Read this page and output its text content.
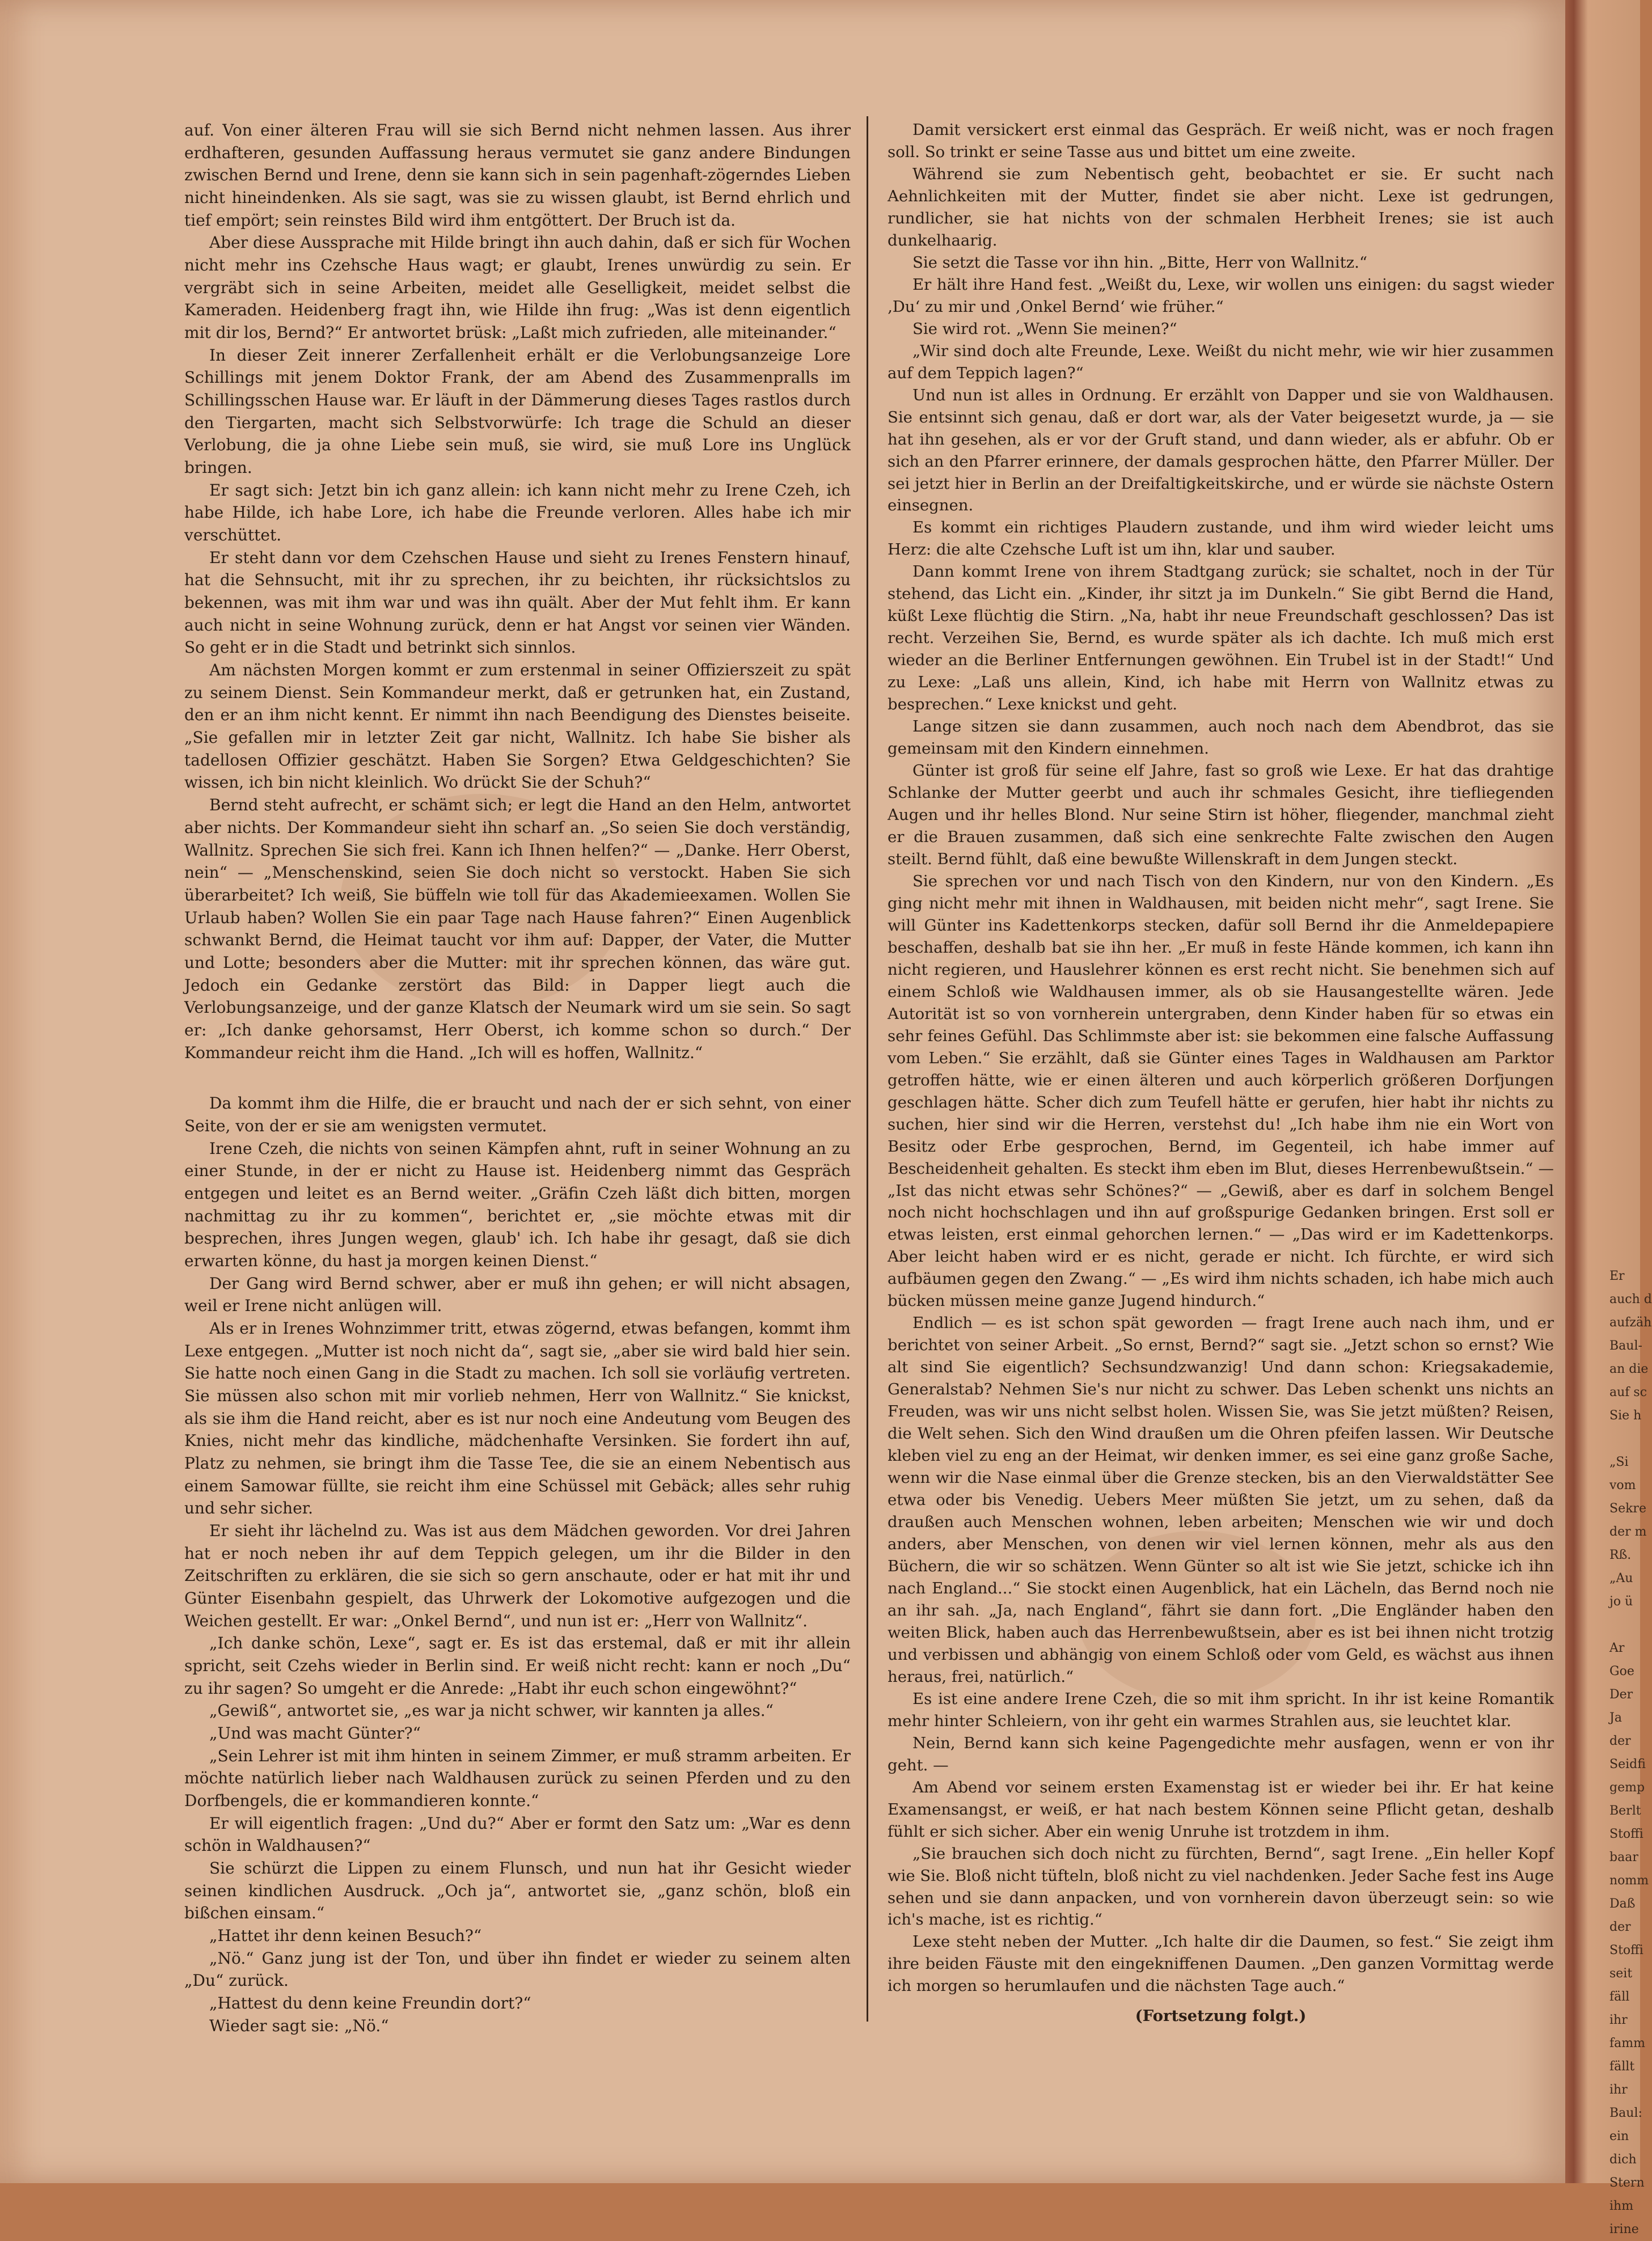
auf. Von einer älteren Frau will sie sich Bernd nicht nehmen lassen. Aus ihrer erdhafteren, gesunden Auffassung heraus vermutet sie ganz andere Bindungen zwischen Bernd und Irene, denn sie kann sich in sein pagenhaft-zögerndes Lieben nicht hineindenken. Als sie sagt, was sie zu wissen glaubt, ist Bernd ehrlich und tief empört; sein reinstes Bild wird ihm entgöttert. Der Bruch ist da.

Aber diese Aussprache mit Hilde bringt ihn auch dahin, daß er sich für Wochen nicht mehr ins Czehsche Haus wagt; er glaubt, Irenes unwürdig zu sein. Er vergräbt sich in seine Arbeiten, meidet alle Geselligkeit, meidet selbst die Kameraden. Heidenberg fragt ihn, wie Hilde ihn frug: „Was ist denn eigentlich mit dir los, Bernd?“ Er antwortet brüsk: „Laßt mich zufrieden, alle miteinander.“

In dieser Zeit innerer Zerfallenheit erhält er die Verlobungsanzeige Lore Schillings mit jenem Doktor Frank, der am Abend des Zusammenpralls im Schillingsschen Hause war. Er läuft in der Dämmerung dieses Tages rastlos durch den Tiergarten, macht sich Selbstvorwürfe: Ich trage die Schuld an dieser Verlobung, die ja ohne Liebe sein muß, sie wird, sie muß Lore ins Unglück bringen.

Er sagt sich: Jetzt bin ich ganz allein: ich kann nicht mehr zu Irene Czeh, ich habe Hilde, ich habe Lore, ich habe die Freunde verloren. Alles habe ich mir verschüttet.

Er steht dann vor dem Czehschen Hause und sieht zu Irenes Fenstern hinauf, hat die Sehnsucht, mit ihr zu sprechen, ihr zu beichten, ihr rücksichtslos zu bekennen, was mit ihm war und was ihn quält. Aber der Mut fehlt ihm. Er kann auch nicht in seine Wohnung zurück, denn er hat Angst vor seinen vier Wänden. So geht er in die Stadt und betrinkt sich sinnlos.

Am nächsten Morgen kommt er zum erstenmal in seiner Offizierszeit zu spät zu seinem Dienst. Sein Kommandeur merkt, daß er getrunken hat, ein Zustand, den er an ihm nicht kennt. Er nimmt ihn nach Beendigung des Dienstes beiseite. „Sie gefallen mir in letzter Zeit gar nicht, Wallnitz. Ich habe Sie bisher als tadellosen Offizier geschätzt. Haben Sie Sorgen? Etwa Geldgeschichten? Sie wissen, ich bin nicht kleinlich. Wo drückt Sie der Schuh?“

Bernd steht aufrecht, er schämt sich; er legt die Hand an den Helm, antwortet aber nichts. Der Kommandeur sieht ihn scharf an. „So seien Sie doch verständig, Wallnitz. Sprechen Sie sich frei. Kann ich Ihnen helfen?“ — „Danke. Herr Oberst, nein“ — „Menschenskind, seien Sie doch nicht so verstockt. Haben Sie sich überarbeitet? Ich weiß, Sie büffeln wie toll für das Akademieexamen. Wollen Sie Urlaub haben? Wollen Sie ein paar Tage nach Hause fahren?“ Einen Augenblick schwankt Bernd, die Heimat taucht vor ihm auf: Dapper, der Vater, die Mutter und Lotte; besonders aber die Mutter: mit ihr sprechen können, das wäre gut. Jedoch ein Gedanke zerstört das Bild: in Dapper liegt auch die Verlobungsanzeige, und der ganze Klatsch der Neumark wird um sie sein. So sagt er: „Ich danke gehorsamst, Herr Oberst, ich komme schon so durch.“ Der Kommandeur reicht ihm die Hand. „Ich will es hoffen, Wallnitz.“

Da kommt ihm die Hilfe, die er braucht und nach der er sich sehnt, von einer Seite, von der er sie am wenigsten vermutet.

Irene Czeh, die nichts von seinen Kämpfen ahnt, ruft in seiner Wohnung an zu einer Stunde, in der er nicht zu Hause ist. Heidenberg nimmt das Gespräch entgegen und leitet es an Bernd weiter. „Gräfin Czeh läßt dich bitten, morgen nachmittag zu ihr zu kommen“, berichtet er, „sie möchte etwas mit dir besprechen, ihres Jungen wegen, glaub' ich. Ich habe ihr gesagt, daß sie dich erwarten könne, du hast ja morgen keinen Dienst.“

Der Gang wird Bernd schwer, aber er muß ihn gehen; er will nicht absagen, weil er Irene nicht anlügen will.

Als er in Irenes Wohnzimmer tritt, etwas zögernd, etwas befangen, kommt ihm Lexe entgegen. „Mutter ist noch nicht da“, sagt sie, „aber sie wird bald hier sein. Sie hatte noch einen Gang in die Stadt zu machen. Ich soll sie vorläufig vertreten. Sie müssen also schon mit mir vorlieb nehmen, Herr von Wallnitz.“ Sie knickst, als sie ihm die Hand reicht, aber es ist nur noch eine Andeutung vom Beugen des Knies, nicht mehr das kindliche, mädchenhafte Versinken. Sie fordert ihn auf, Platz zu nehmen, sie bringt ihm die Tasse Tee, die sie an einem Nebentisch aus einem Samowar füllte, sie reicht ihm eine Schüssel mit Gebäck; alles sehr ruhig und sehr sicher.

Er sieht ihr lächelnd zu. Was ist aus dem Mädchen geworden. Vor drei Jahren hat er noch neben ihr auf dem Teppich gelegen, um ihr die Bilder in den Zeitschriften zu erklären, die sie sich so gern anschaute, oder er hat mit ihr und Günter Eisenbahn gespielt, das Uhrwerk der Lokomotive aufgezogen und die Weichen gestellt. Er war: „Onkel Bernd“, und nun ist er: „Herr von Wallnitz“.

„Ich danke schön, Lexe“, sagt er. Es ist das erstemal, daß er mit ihr allein spricht, seit Czehs wieder in Berlin sind. Er weiß nicht recht: kann er noch „Du“ zu ihr sagen? So umgeht er die Anrede: „Habt ihr euch schon eingewöhnt?“

„Gewiß“, antwortet sie, „es war ja nicht schwer, wir kannten ja alles.“

„Und was macht Günter?“

„Sein Lehrer ist mit ihm hinten in seinem Zimmer, er muß stramm arbeiten. Er möchte natürlich lieber nach Waldhausen zurück zu seinen Pferden und zu den Dorfbengels, die er kommandieren konnte.“

Er will eigentlich fragen: „Und du?“ Aber er formt den Satz um: „War es denn schön in Waldhausen?“

Sie schürzt die Lippen zu einem Flunsch, und nun hat ihr Gesicht wieder seinen kindlichen Ausdruck. „Och ja“, antwortet sie, „ganz schön, bloß ein bißchen einsam.“

„Hattet ihr denn keinen Besuch?“

„Nö.“ Ganz jung ist der Ton, und über ihn findet er wieder zu seinem alten „Du“ zurück.

„Hattest du denn keine Freundin dort?“

Wieder sagt sie: „Nö.“

Damit versickert erst einmal das Gespräch. Er weiß nicht, was er noch fragen soll. So trinkt er seine Tasse aus und bittet um eine zweite.

Während sie zum Nebentisch geht, beobachtet er sie. Er sucht nach Aehnlichkeiten mit der Mutter, findet sie aber nicht. Lexe ist gedrungen, rundlicher, sie hat nichts von der schmalen Herbheit Irenes; sie ist auch dunkelhaarig.

Sie setzt die Tasse vor ihn hin. „Bitte, Herr von Wallnitz.“

Er hält ihre Hand fest. „Weißt du, Lexe, wir wollen uns einigen: du sagst wieder ‚Du‘ zu mir und ‚Onkel Bernd‘ wie früher.“

Sie wird rot. „Wenn Sie meinen?“

„Wir sind doch alte Freunde, Lexe. Weißt du nicht mehr, wie wir hier zusammen auf dem Teppich lagen?“

Und nun ist alles in Ordnung. Er erzählt von Dapper und sie von Waldhausen. Sie entsinnt sich genau, daß er dort war, als der Vater beigesetzt wurde, ja — sie hat ihn gesehen, als er vor der Gruft stand, und dann wieder, als er abfuhr. Ob er sich an den Pfarrer erinnere, der damals gesprochen hätte, den Pfarrer Müller. Der sei jetzt hier in Berlin an der Dreifaltigkeitskirche, und er würde sie nächste Ostern einsegnen.

Es kommt ein richtiges Plaudern zustande, und ihm wird wieder leicht ums Herz: die alte Czehsche Luft ist um ihn, klar und sauber.

Dann kommt Irene von ihrem Stadtgang zurück; sie schaltet, noch in der Tür stehend, das Licht ein. „Kinder, ihr sitzt ja im Dunkeln.“ Sie gibt Bernd die Hand, küßt Lexe flüchtig die Stirn. „Na, habt ihr neue Freundschaft geschlossen? Das ist recht. Verzeihen Sie, Bernd, es wurde später als ich dachte. Ich muß mich erst wieder an die Berliner Entfernungen gewöhnen. Ein Trubel ist in der Stadt!“ Und zu Lexe: „Laß uns allein, Kind, ich habe mit Herrn von Wallnitz etwas zu besprechen.“ Lexe knickst und geht.

Lange sitzen sie dann zusammen, auch noch nach dem Abendbrot, das sie gemeinsam mit den Kindern einnehmen.

Günter ist groß für seine elf Jahre, fast so groß wie Lexe. Er hat das drahtige Schlanke der Mutter geerbt und auch ihr schmales Gesicht, ihre tiefliegenden Augen und ihr helles Blond. Nur seine Stirn ist höher, fliegender, manchmal zieht er die Brauen zusammen, daß sich eine senkrechte Falte zwischen den Augen steilt. Bernd fühlt, daß eine bewußte Willenskraft in dem Jungen steckt.

Sie sprechen vor und nach Tisch von den Kindern, nur von den Kindern. „Es ging nicht mehr mit ihnen in Waldhausen, mit beiden nicht mehr“, sagt Irene. Sie will Günter ins Kadettenkorps stecken, dafür soll Bernd ihr die Anmeldepapiere beschaffen, deshalb bat sie ihn her. „Er muß in feste Hände kommen, ich kann ihn nicht regieren, und Hauslehrer können es erst recht nicht. Sie benehmen sich auf einem Schloß wie Waldhausen immer, als ob sie Hausangestellte wären. Jede Autorität ist so von vornherein untergraben, denn Kinder haben für so etwas ein sehr feines Gefühl. Das Schlimmste aber ist: sie bekommen eine falsche Auffassung vom Leben.“ Sie erzählt, daß sie Günter eines Tages in Waldhausen am Parktor getroffen hätte, wie er einen älteren und auch körperlich größeren Dorfjungen geschlagen hätte. Scher dich zum Teufell hätte er gerufen, hier habt ihr nichts zu suchen, hier sind wir die Herren, verstehst du! „Ich habe ihm nie ein Wort von Besitz oder Erbe gesprochen, Bernd, im Gegenteil, ich habe immer auf Bescheidenheit gehalten. Es steckt ihm eben im Blut, dieses Herrenbewußtsein.“ — „Ist das nicht etwas sehr Schönes?“ — „Gewiß, aber es darf in solchem Bengel noch nicht hochschlagen und ihn auf großspurige Gedanken bringen. Erst soll er etwas leisten, erst einmal gehorchen lernen.“ — „Das wird er im Kadettenkorps. Aber leicht haben wird er es nicht, gerade er nicht. Ich fürchte, er wird sich aufbäumen gegen den Zwang.“ — „Es wird ihm nichts schaden, ich habe mich auch bücken müssen meine ganze Jugend hindurch.“

Endlich — es ist schon spät geworden — fragt Irene auch nach ihm, und er berichtet von seiner Arbeit. „So ernst, Bernd?“ sagt sie. „Jetzt schon so ernst? Wie alt sind Sie eigentlich? Sechsundzwanzig! Und dann schon: Kriegsakademie, Generalstab? Nehmen Sie's nur nicht zu schwer. Das Leben schenkt uns nichts an Freuden, was wir uns nicht selbst holen. Wissen Sie, was Sie jetzt müßten? Reisen, die Welt sehen. Sich den Wind draußen um die Ohren pfeifen lassen. Wir Deutsche kleben viel zu eng an der Heimat, wir denken immer, es sei eine ganz große Sache, wenn wir die Nase einmal über die Grenze stecken, bis an den Vierwaldstätter See etwa oder bis Venedig. Uebers Meer müßten Sie jetzt, um zu sehen, daß da draußen auch Menschen wohnen, leben arbeiten; Menschen wie wir und doch anders, aber Menschen, von denen wir viel lernen können, mehr als aus den Büchern, die wir so schätzen. Wenn Günter so alt ist wie Sie jetzt, schicke ich ihn nach England...“ Sie stockt einen Augenblick, hat ein Lächeln, das Bernd noch nie an ihr sah. „Ja, nach England“, fährt sie dann fort. „Die Engländer haben den weiten Blick, haben auch das Herrenbewußtsein, aber es ist bei ihnen nicht trotzig und verbissen und abhängig von einem Schloß oder vom Geld, es wächst aus ihnen heraus, frei, natürlich.“

Es ist eine andere Irene Czeh, die so mit ihm spricht. In ihr ist keine Romantik mehr hinter Schleiern, von ihr geht ein warmes Strahlen aus, sie leuchtet klar.

Nein, Bernd kann sich keine Pagengedichte mehr ausfagen, wenn er von ihr geht. —

Am Abend vor seinem ersten Examenstag ist er wieder bei ihr. Er hat keine Examensangst, er weiß, er hat nach bestem Können seine Pflicht getan, deshalb fühlt er sich sicher. Aber ein wenig Unruhe ist trotzdem in ihm.

„Sie brauchen sich doch nicht zu fürchten, Bernd“, sagt Irene. „Ein heller Kopf wie Sie. Bloß nicht tüfteln, bloß nicht zu viel nachdenken. Jeder Sache fest ins Auge sehen und sie dann anpacken, und von vornherein davon überzeugt sein: so wie ich's mache, ist es richtig.“

Lexe steht neben der Mutter. „Ich halte dir die Daumen, so fest.“ Sie zeigt ihm ihre beiden Fäuste mit den eingekniffenen Daumen. „Den ganzen Vormittag werde ich morgen so herumlaufen und die nächsten Tage auch.“

(Fortsetzung folgt.)

Er
auch d
aufzäh
Baul-
an die
auf sc
Sie h
„Si
vom
Sekre
der m
Rß.
„Au
jo ü
Ar
Goe
Der
Ja
der
Seidfi
gemp
Berlt
Stoffi
baar
nomm
Daß
der
Stoffi
seit
fäll
ihr
famm
fällt
ihr
Baul:
ein
dich
Stern
ihm
irine
